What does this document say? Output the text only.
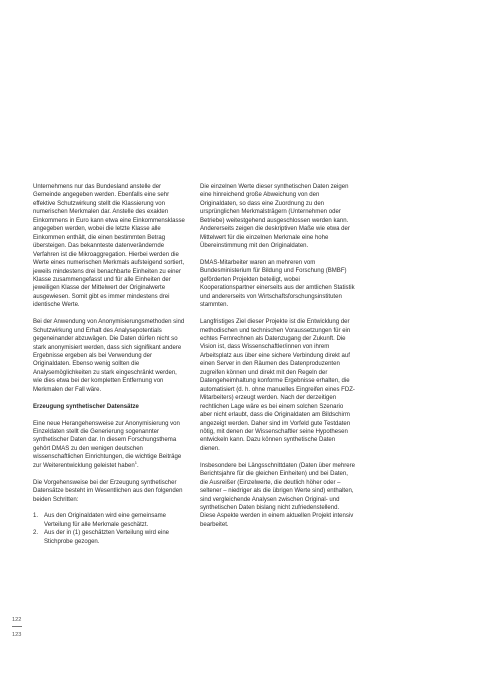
Unternehmens nur das Bundesland anstelle der Gemeinde angegeben werden. Ebenfalls eine sehr effektive Schutzwirkung stellt die Klassierung von numerischen Merkmalen dar. Anstelle des exakten Einkommens in Euro kann etwa eine Einkommensklasse angegeben werden, wobei die letzte Klasse alle Einkommen enthält, die einen bestimmten Betrag übersteigen. Das bekannteste datenverändernde Verfahren ist die Mikroaggregation. Hierbei werden die Werte eines numerischen Merkmals aufsteigend sortiert, jeweils mindestens drei benachbarte Einheiten zu einer Klasse zusammengefasst und für alle Einheiten der jeweiligen Klasse der Mittelwert der Originalwerte ausgewiesen. Somit gibt es immer mindestens drei identische Werte.

Bei der Anwendung von Anonymisierungsmethoden sind Schutzwirkung und Erhalt des Analysepotentials gegeneinander abzuwägen. Die Daten dürfen nicht so stark anonymisiert werden, dass sich signifikant andere Ergebnisse ergeben als bei Verwendung der Originaldaten. Ebenso wenig sollten die Analysemöglichkeiten zu stark eingeschränkt werden, wie dies etwa bei der kompletten Entfernung von Merkmalen der Fall wäre.

Erzeugung synthetischer Datensätze

Eine neue Herangehensweise zur Anonymisierung von Einzeldaten stellt die Generierung sogenannter synthetischer Daten dar. In diesem Forschungsthema gehört DMAS zu den wenigen deutschen wissenschaftlichen Einrichtungen, die wichtige Beiträge zur Weiterentwicklung geleistet haben$^1$.

Die Vorgehensweise bei der Erzeugung synthetischer Datensätze besteht im Wesentlichen aus den folgenden beiden Schritten:

1. Aus den Originaldaten wird eine gemeinsame Verteilung für alle Merkmale geschätzt.
2. Aus der in (1) geschätzten Verteilung wird eine Stichprobe gezogen.

Die einzelnen Werte dieser synthetischen Daten zeigen eine hinreichend große Abweichung von den Originaldaten, so dass eine Zuordnung zu den ursprünglichen Merkmalsträgern (Unternehmen oder Betriebe) weitestgehend ausgeschlossen werden kann. Andererseits zeigen die deskriptiven Maße wie etwa der Mittelwert für die einzelnen Merkmale eine hohe Übereinstimmung mit den Originaldaten.

DMAS-Mitarbeiter waren an mehreren vom Bundesministerium für Bildung und Forschung (BMBF) geförderten Projekten beteiligt, wobei Kooperationspartner einerseits aus der amtlichen Statistik und andererseits von Wirtschaftsforschungsinstituten stammten.

Langfristiges Ziel dieser Projekte ist die Entwicklung der methodischen und technischen Voraussetzungen für ein echtes Fernrechnen als Datenzugang der Zukunft. Die Vision ist, dass Wissenschaftler/innen von ihrem Arbeitsplatz aus über eine sichere Verbindung direkt auf einen Server in den Räumen des Datenproduzenten zugreifen können und direkt mit den Regeln der Datengeheimhaltung konforme Ergebnisse erhalten, die automatisiert (d. h. ohne manuelles Eingreifen eines FDZ-Mitarbeiters) erzeugt werden. Nach der derzeitigen rechtlichen Lage wäre es bei einem solchen Szenario aber nicht erlaubt, dass die Originaldaten am Bildschirm angezeigt werden. Daher sind im Vorfeld gute Testdaten nötig, mit denen der Wissenschaftler seine Hypothesen entwickeln kann. Dazu können synthetische Daten dienen.

Insbesondere bei Längsschnittdaten (Daten über mehrere Berichtsjahre für die gleichen Einheiten) und bei Daten, die Ausreißer (Einzelwerte, die deutlich höher oder – seltener – niedriger als die übrigen Werte sind) enthalten, sind vergleichende Analysen zwischen Original- und synthetischen Daten bislang nicht zufriedenstellend. Diese Aspekte werden in einem aktuellen Projekt intensiv bearbeitet.

122
123
